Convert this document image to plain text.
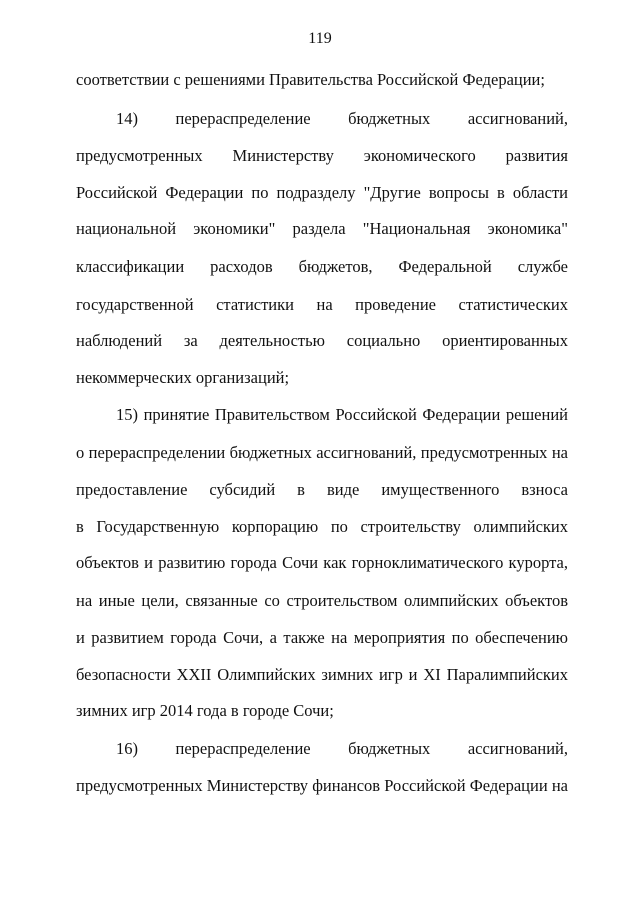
119
соответствии с решениями Правительства Российской Федерации;
14) перераспределение бюджетных ассигнований,
предусмотренных Министерству экономического развития
Российской Федерации по подразделу "Другие вопросы в области
национальной экономики" раздела "Национальная экономика"
классификации расходов бюджетов, Федеральной службе
государственной статистики на проведение статистических
наблюдений за деятельностью социально ориентированных
некоммерческих организаций;
15) принятие Правительством Российской Федерации решений
о перераспределении бюджетных ассигнований, предусмотренных на
предоставление субсидий в виде имущественного взноса
в Государственную корпорацию по строительству олимпийских
объектов и развитию города Сочи как горноклиматического курорта,
на иные цели, связанные со строительством олимпийских объектов
и развитием города Сочи, а также на мероприятия по обеспечению
безопасности XXII Олимпийских зимних игр и XI Паралимпийских
зимних игр 2014 года в городе Сочи;
16) перераспределение бюджетных ассигнований,
предусмотренных Министерству финансов Российской Федерации на
